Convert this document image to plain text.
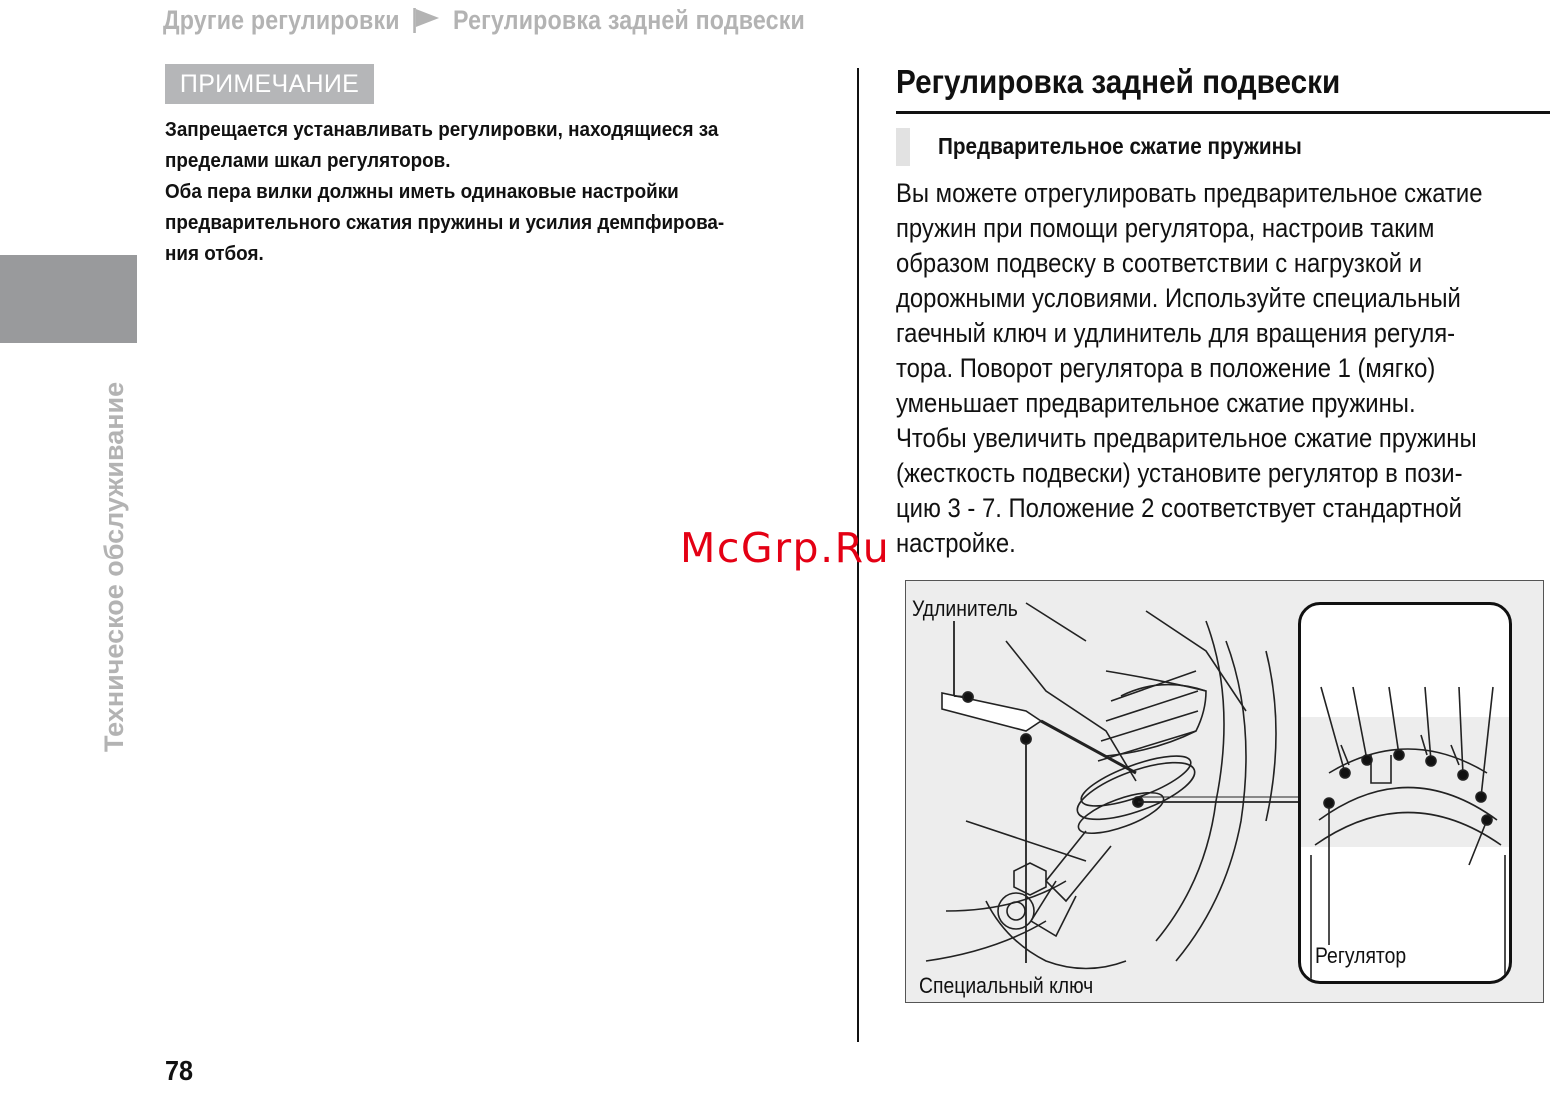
Другие регулировки Регулировка задней подвески
Техническое обслуживание
ПРИМЕЧАНИЕ

Запрещается устанавливать регулировки, находящиеся за

пределами шкал регуляторов.

Оба пера вилки должны иметь одинаковые настройки

предварительного сжатия пружины и усилия демпфирова-

ния отбоя.

Регулировка задней подвески
Предварительное сжатие пружины

Вы можете отрегулировать предварительное сжатие

пружин при помощи регулятора, настроив таким

образом подвеску в соответствии с нагрузкой и

дорожными условиями. Используйте специальный

гаечный ключ и удлинитель для вращения регуля-

тора. Поворот регулятора в положение 1 (мягко)

уменьшает предварительное сжатие пружины.

Чтобы увеличить предварительное сжатие пружины

(жесткость подвески) установите регулятор в пози-

цию 3 - 7. Положение 2 соответствует стандартной

настройке.

McGrp.Ru
Удлинитель
Специальный ключ
Регулятор
78
